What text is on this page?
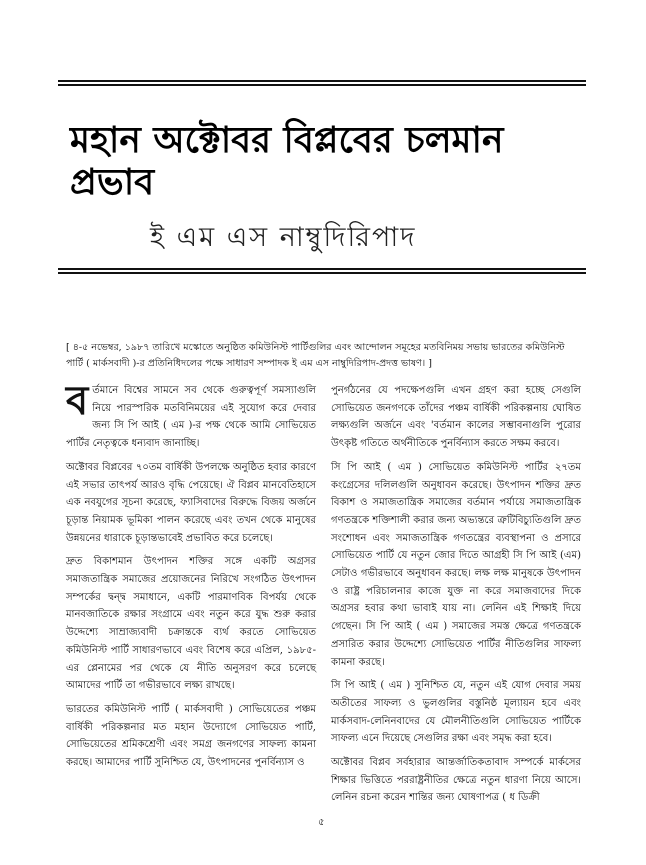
মহান অক্টোবর বিপ্লবের চলমান প্রভাব
ই এম এস নাম্বুদিরিপাদ

[ ৪-৫ নভেম্বর, ১৯৮৭ তারিখে মস্কোতে অনুষ্ঠিত কমিউনিস্ট পার্টিগুলির এবং আন্দোলন সমূহের মতবিনিময় সভায় ভারতের কমিউনিস্ট পার্টি ( মার্কসবাদী )-র প্রতিনিধিদলের পক্ষে সাধারণ সম্পাদক ই এম এস নাম্বুদিরিপাদ-প্রদত্ত ভাষণ। ]

বর্তমানে বিশ্বের সামনে সব থেকে গুরুত্বপূর্ণ সমস্যাগুলি নিয়ে পারস্পরিক মতবিনিময়ের এই সুযোগ করে দেবার জন্য সি পি আই ( এম )-র পক্ষ থেকে আমি সোভিয়েত পার্টির নেতৃত্বকে ধন্যবাদ জানাচ্ছি।

অক্টোবর বিপ্লবের ৭০তম বার্ষিকী উপলক্ষে অনুষ্ঠিত হবার কারণে এই সভার তাৎপর্য আরও বৃদ্ধি পেয়েছে। ঐ বিপ্লব মানবেতিহাসে এক নবযুগের সূচনা করেছে, ফ্যাসিবাদের বিরুদ্ধে বিজয় অর্জনে চূড়ান্ত নিয়ামক ভূমিকা পালন করেছে এবং তখন থেকে মানুষের উন্নয়নের ধারাকে চূড়ান্তভাবেই প্রভাবিত করে চলেছে।

দ্রুত বিকাশমান উৎপাদন শক্তির সঙ্গে একটি অগ্রসর সমাজতান্ত্রিক সমাজের প্রয়োজনের নিরিখে সংগঠিত উৎপাদন সম্পর্কের দ্বন্দ্ব সমাধানে, একটি পারমাণবিক বিপর্যয় থেকে মানবজাতিকে রক্ষার সংগ্রামে এবং নতুন করে যুদ্ধ শুরু করার উদ্দেশ্যে সাম্রাজ্যবাদী চক্রান্তকে ব্যর্থ করতে সোভিয়েত কমিউনিস্ট পার্টি সাধারণভাবে এবং বিশেষ করে এপ্রিল, ১৯৮৫-এর প্লেনামের পর থেকে যে নীতি অনুসরণ করে চলেছে আমাদের পার্টি তা গভীরভাবে লক্ষ্য রাখছে।

ভারতের কমিউনিস্ট পার্টি ( মার্কসবাদী ) সোভিয়েতের পঞ্চম বার্ষিকী পরিকল্পনার মত মহান উদ্যোগে সোভিয়েত পার্টি, সোভিয়েতের শ্রমিকশ্রেণী এবং সমগ্র জনগণের সাফল্য কামনা করছে। আমাদের পার্টি সুনিশ্চিত যে, উৎপাদনের পুনর্বিন্যাস ও

পুনর্গঠনের যে পদক্ষেপগুলি এখন গ্রহণ করা হচ্ছে সেগুলি সোভিয়েত জনগণকে তাঁদের পঞ্চম বার্ষিকী পরিকল্পনায় ঘোষিত লক্ষ্যগুলি অর্জনে এবং 'বর্তমান কালের সম্ভাবনাগুলি পুরোর উৎকৃষ্ট গতিতে অর্থনীতিকে পুনর্বিন্যাস করতে সক্ষম করবে।

সি পি আই ( এম ) সোভিয়েত কমিউনিস্ট পার্টির ২৭তম কংগ্রেসের দলিলগুলি অনুধাবন করেছে। উৎপাদন শক্তির দ্রুত বিকাশ ও সমাজতান্ত্রিক সমাজের বর্তমান পর্যায়ে সমাজতান্ত্রিক গণতন্ত্রকে শক্তিশালী করার জন্য অভ্যন্তরে ত্রুটিবিচ্যুতিগুলি দ্রুত সংশোধন এবং সমাজতান্ত্রিক গণতন্ত্রের ব্যবস্থাপনা ও প্রসারে সোভিয়েত পার্টি যে নতুন জোর দিতে আগ্রহী সি পি আই (এম) সেটাও গভীরভাবে অনুধাবন করছে। লক্ষ লক্ষ মানুষকে উৎপাদন ও রাষ্ট্র পরিচালনার কাজে যুক্ত না করে সমাজবাদের দিকে অগ্রসর হবার কথা ভাবাই যায় না। লেনিন এই শিক্ষাই দিয়ে গেছেন। সি পি আই ( এম ) সমাজের সমস্ত ক্ষেত্রে গণতন্ত্রকে প্রসারিত করার উদ্দেশ্যে সোভিয়েত পার্টির নীতিগুলির সাফল্য কামনা করছে।

সি পি আই ( এম ) সুনিশ্চিত যে, নতুন এই যোগ দেবার সময় অতীতের সাফল্য ও ভুলগুলির বস্তুনিষ্ঠ মূল্যায়ন হবে এবং মার্কসবাদ-লেনিনবাদের যে মৌলনীতিগুলি সোভিয়েত পার্টিকে সাফল্য এনে দিয়েছে সেগুলির রক্ষা এবং সমৃদ্ধ করা হবে।

অক্টোবর বিপ্লব সর্বহারার আন্তর্জাতিকতাবাদ সম্পর্কে মার্কসের শিক্ষার ভিত্তিতে পররাষ্ট্রনীতির ক্ষেত্রে নতুন ধারণা নিয়ে আসে। লেনিন রচনা করেন শান্তির জন্য ঘোষণাপত্র ( ধ ডিক্রী

৫
